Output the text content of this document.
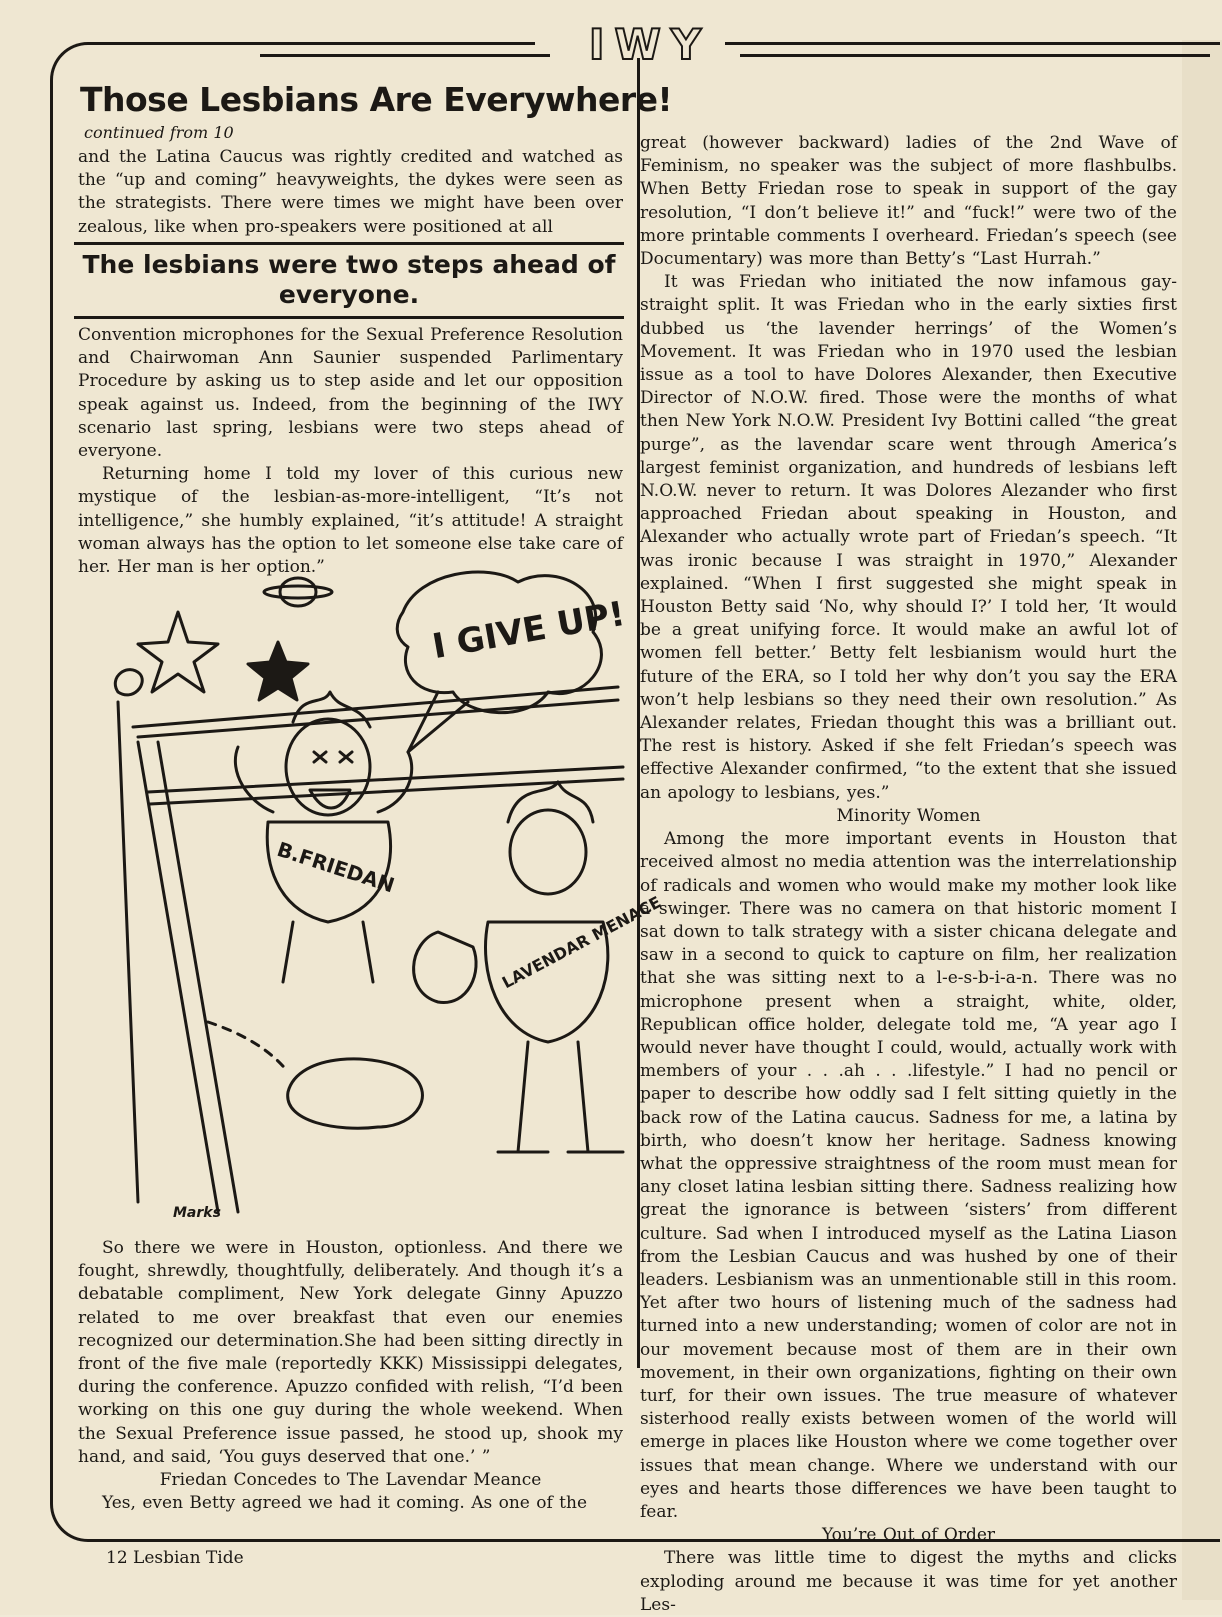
IWY
Those Lesbians Are Everywhere!
continued from 10

and the Latina Caucus was rightly credited and watched as the “up and coming” heavyweights, the dykes were seen as the strategists. There were times we might have been over zealous, like when pro-speakers were positioned at all

The lesbians were two steps ahead of everyone.

Convention microphones for the Sexual Preference Resolution and Chairwoman Ann Saunier suspended Parlimentary Procedure by asking us to step aside and let our opposition speak against us. Indeed, from the beginning of the IWY scenario last spring, lesbians were two steps ahead of everyone.

Returning home I told my lover of this curious new mystique of the lesbian-as-more-intelligent, “It’s not intelligence,” she humbly explained, “it’s attitude! A straight woman always has the option to let someone else take care of her. Her man is her option.”

I GIVE UP!
B.FRIEDAN
LAVENDAR MENACE
Marks

So there we were in Houston, optionless. And there we fought, shrewdly, thoughtfully, deliberately. And though it’s a debatable compliment, New York delegate Ginny Apuzzo related to me over breakfast that even our enemies recognized our determination.She had been sitting directly in front of the five male (reportedly KKK) Mississippi delegates, during the conference. Apuzzo confided with relish, “I’d been working on this one guy during the whole weekend. When the Sexual Preference issue passed, he stood up, shook my hand, and said, ‘You guys deserved that one.’ ”

Friedan Concedes to The Lavendar Meance

Yes, even Betty agreed we had it coming. As one of the

great (however backward) ladies of the 2nd Wave of Feminism, no speaker was the subject of more flashbulbs. When Betty Friedan rose to speak in support of the gay resolution, “I don’t believe it!” and “fuck!” were two of the more printable comments I overheard. Friedan’s speech (see Documentary) was more than Betty’s “Last Hurrah.”

It was Friedan who initiated the now infamous gay-straight split. It was Friedan who in the early sixties first dubbed us ‘the lavender herrings’ of the Women’s Movement. It was Friedan who in 1970 used the lesbian issue as a tool to have Dolores Alexander, then Executive Director of N.O.W. fired. Those were the months of what then New York N.O.W. President Ivy Bottini called “the great purge”, as the lavendar scare went through America’s largest feminist organization, and hundreds of lesbians left N.O.W. never to return. It was Dolores Alezander who first approached Friedan about speaking in Houston, and Alexander who actually wrote part of Friedan’s speech. “It was ironic because I was straight in 1970,” Alexander explained. “When I first suggested she might speak in Houston Betty said ‘No, why should I?’ I told her, ‘It would be a great unifying force. It would make an awful lot of women fell better.’ Betty felt lesbianism would hurt the future of the ERA, so I told her why don’t you say the ERA won’t help lesbians so they need their own resolution.” As Alexander relates, Friedan thought this was a brilliant out. The rest is history. Asked if she felt Friedan’s speech was effective Alexander confirmed, “to the extent that she issued an apology to lesbians, yes.”

Minority Women

Among the more important events in Houston that received almost no media attention was the interrelationship of radicals and women who would make my mother look like a swinger. There was no camera on that historic moment I sat down to talk strategy with a sister chicana delegate and saw in a second to quick to capture on film, her realization that she was sitting next to a l-e-s-b-i-a-n. There was no microphone present when a straight, white, older, Republican office holder, delegate told me, “A year ago I would never have thought I could, would, actually work with members of your . . .ah . . .lifestyle.” I had no pencil or paper to describe how oddly sad I felt sitting quietly in the back row of the Latina caucus. Sadness for me, a latina by birth, who doesn’t know her heritage. Sadness knowing what the oppressive straightness of the room must mean for any closet latina lesbian sitting there. Sadness realizing how great the ignorance is between ‘sisters’ from different culture. Sad when I introduced myself as the Latina Liason from the Lesbian Caucus and was hushed by one of their leaders. Lesbianism was an unmentionable still in this room. Yet after two hours of listening much of the sadness had turned into a new understanding; women of color are not in our movement because most of them are in their own movement, in their own organizations, fighting on their own turf, for their own issues. The true measure of whatever sisterhood really exists between women of the world will emerge in places like Houston where we come together over issues that mean change. Where we understand with our eyes and hearts those differences we have been taught to fear.

You’re Out of Order

There was little time to digest the myths and clicks exploding around me because it was time for yet another Les-

12 Lesbian Tide
